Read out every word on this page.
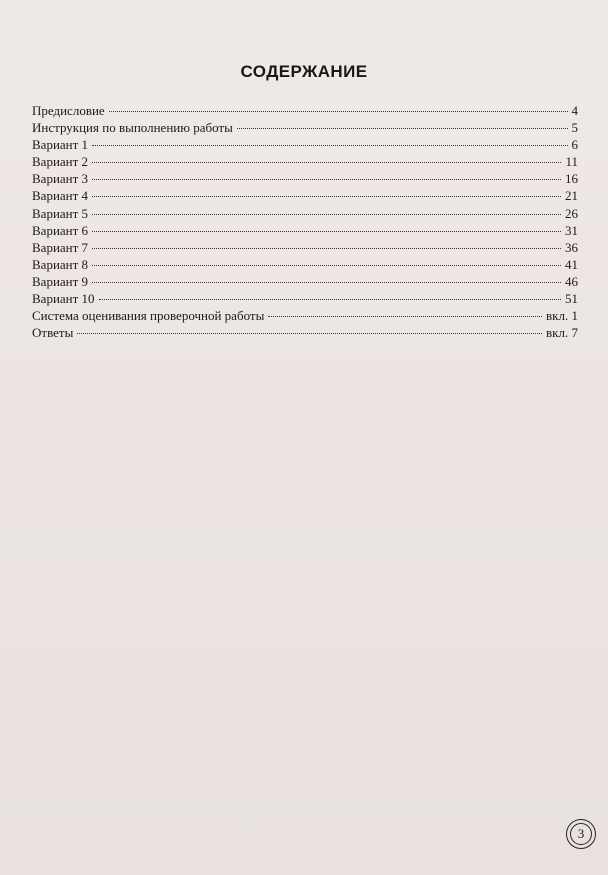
СОДЕРЖАНИЕ
Предисловие	4
Инструкция по выполнению работы	5
Вариант 1	6
Вариант 2	11
Вариант 3	16
Вариант 4	21
Вариант 5	26
Вариант 6	31
Вариант 7	36
Вариант 8	41
Вариант 9	46
Вариант 10	51
Система оценивания проверочной работы	вкл. 1
Ответы	вкл. 7
3
